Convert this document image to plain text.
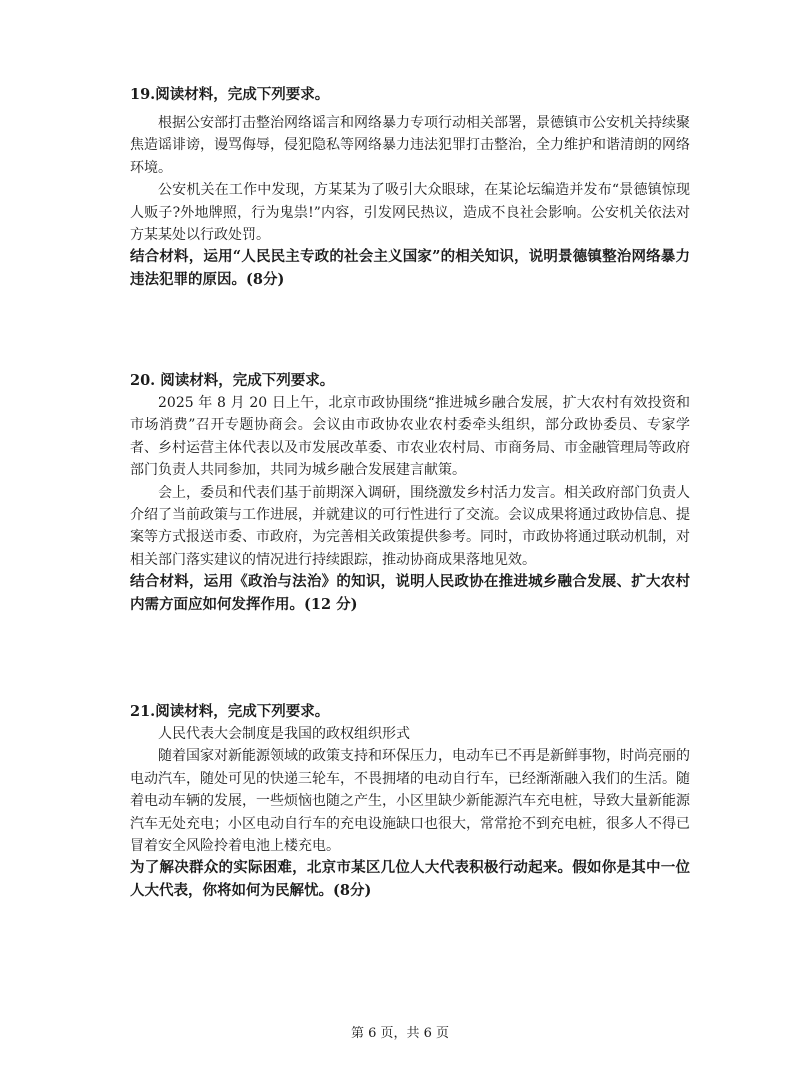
19.阅读材料，完成下列要求。

根据公安部打击整治网络谣言和网络暴力专项行动相关部署，景德镇市公安机关持续聚焦造谣诽谤，谩骂侮辱，侵犯隐私等网络暴力违法犯罪打击整治，全力维护和谐清朗的网络环境。

公安机关在工作中发现，方某某为了吸引大众眼球，在某论坛编造并发布“景德镇惊现人贩子?外地牌照，行为鬼祟!”内容，引发网民热议，造成不良社会影响。公安机关依法对方某某处以行政处罚。

结合材料，运用“人民民主专政的社会主义国家”的相关知识，说明景德镇整治网络暴力违法犯罪的原因。(8分)

20. 阅读材料，完成下列要求。

2025 年 8 月 20 日上午，北京市政协围绕“推进城乡融合发展，扩大农村有效投资和市场消费”召开专题协商会。会议由市政协农业农村委牵头组织，部分政协委员、专家学者、乡村运营主体代表以及市发展改革委、市农业农村局、市商务局、市金融管理局等政府部门负责人共同参加，共同为城乡融合发展建言献策。

会上，委员和代表们基于前期深入调研，围绕激发乡村活力发言。相关政府部门负责人介绍了当前政策与工作进展，并就建议的可行性进行了交流。会议成果将通过政协信息、提案等方式报送市委、市政府，为完善相关政策提供参考。同时，市政协将通过联动机制，对相关部门落实建议的情况进行持续跟踪，推动协商成果落地见效。

结合材料，运用《政治与法治》的知识，说明人民政协在推进城乡融合发展、扩大农村内需方面应如何发挥作用。(12 分)

21.阅读材料，完成下列要求。

人民代表大会制度是我国的政权组织形式

随着国家对新能源领域的政策支持和环保压力，电动车已不再是新鲜事物，时尚亮丽的电动汽车，随处可见的快递三轮车，不畏拥堵的电动自行车，已经渐渐融入我们的生活。随着电动车辆的发展，一些烦恼也随之产生，小区里缺少新能源汽车充电桩，导致大量新能源汽车无处充电；小区电动自行车的充电设施缺口也很大，常常抢不到充电桩，很多人不得已冒着安全风险拎着电池上楼充电。

为了解决群众的实际困难，北京市某区几位人大代表积极行动起来。假如你是其中一位人大代表，你将如何为民解忧。(8分)

第 6 页，共 6 页
